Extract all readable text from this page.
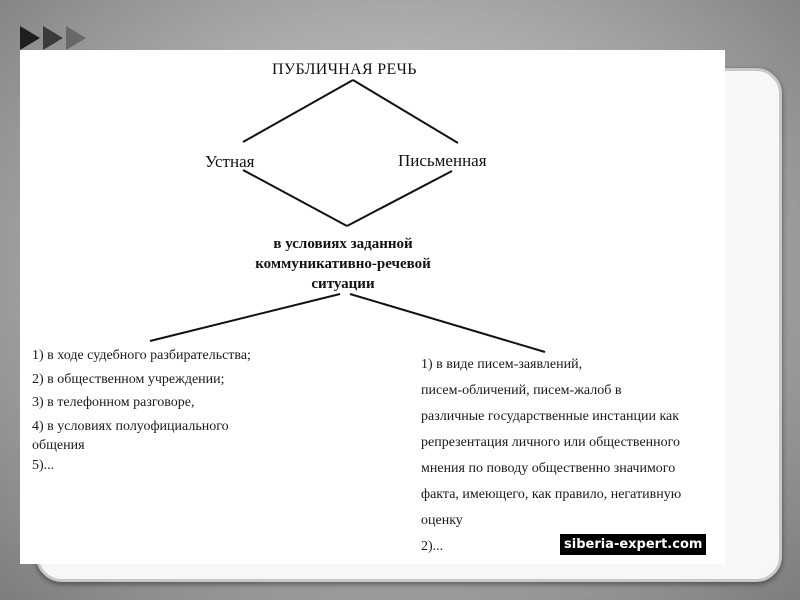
ПУБЛИЧНАЯ РЕЧЬ
Устная	Письменная
в условиях заданной коммуникативно-речевой ситуации
1) в ходе судебного разбирательства;
2) в общественном учреждении;
3) в телефонном разговоре,
4) в условиях полуофициального
общения
5)...
1) в виде писем-заявлений,
писем-обличений, писем-жалоб в
различные государственные инстанции как
репрезентация личного или общественного
мнения по поводу общественно значимого
факта, имеющего, как правило, негативную
оценку
2)...	siberia-expert.com
